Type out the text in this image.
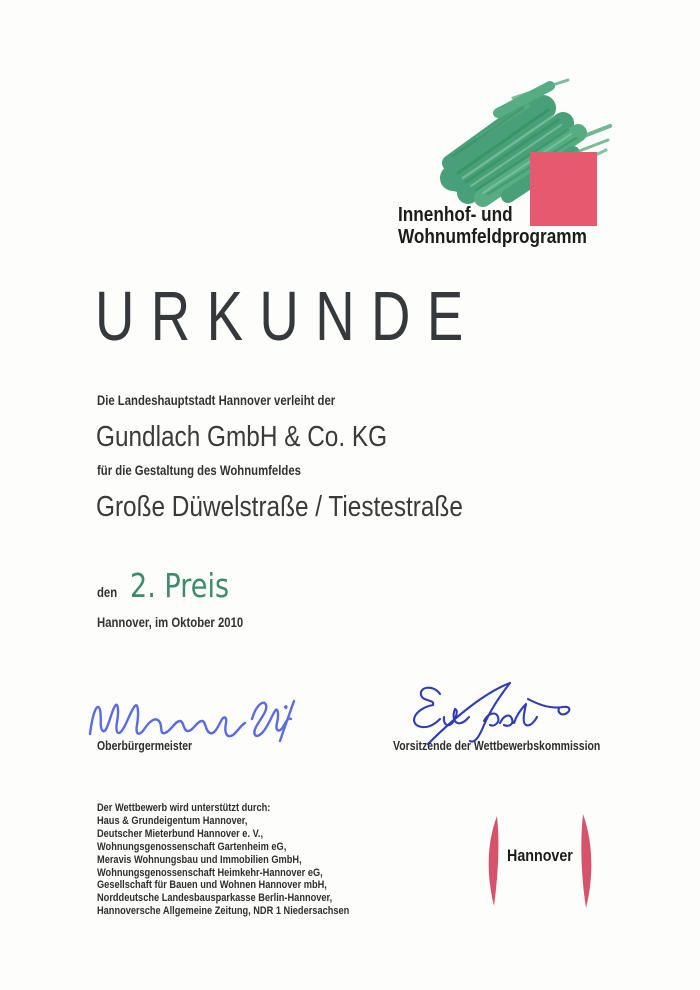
Innenhof- und
Wohnumfeldprogramm
URKUNDE
Die Landeshauptstadt Hannover verleiht der
Gundlach GmbH & Co. KG
für die Gestaltung des Wohnumfeldes
Große Düwelstraße / Tiestestraße
den 2. Preis
Hannover, im Oktober 2010
Oberbürgermeister	Vorsitzende der Wettbewerbskommission
Der Wettbewerb wird unterstützt durch:
Haus & Grundeigentum Hannover,
Deutscher Mieterbund Hannover e. V.,
Wohnungsgenossenschaft Gartenheim eG,
Meravis Wohnungsbau und Immobilien GmbH,
Wohnungsgenossenschaft Heimkehr-Hannover eG,
Gesellschaft für Bauen und Wohnen Hannover mbH,
Norddeutsche Landesbausparkasse Berlin-Hannover,
Hannoversche Allgemeine Zeitung, NDR 1 Niedersachsen
Hannover
